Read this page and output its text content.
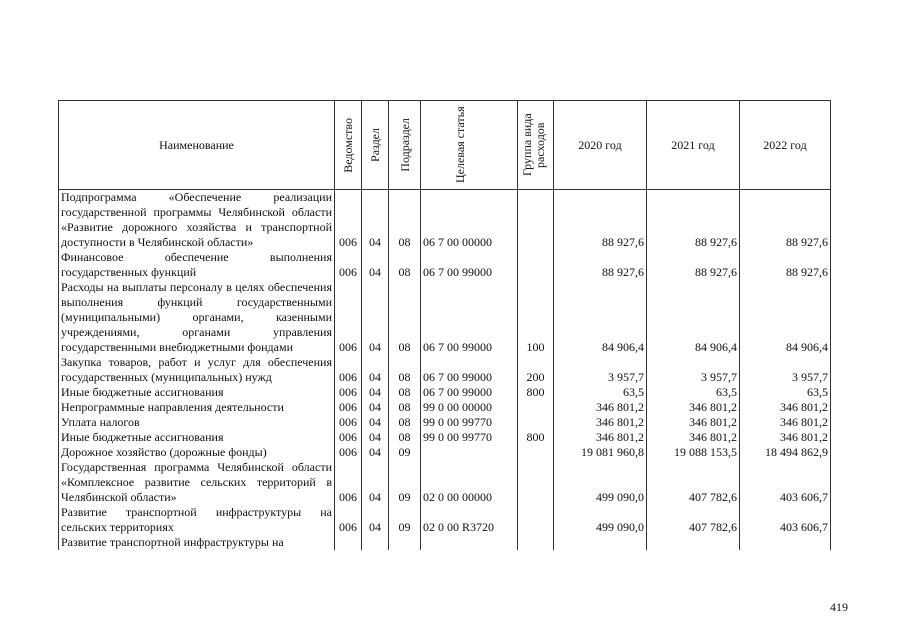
Наименование	Ведомство	Раздел	Подраздел	Целевая статья	Группа вида расходов	2020 год	2021 год	2022 год
Подпрограмма «Обеспечение реализации государственной программы Челябинской области «Развитие дорожного хозяйства и транспортной доступности в Челябинской области»	006	04	08	06 7 00 00000		88 927,6	88 927,6	88 927,6
Финансовое обеспечение выполнения государственных функций	006	04	08	06 7 00 99000		88 927,6	88 927,6	88 927,6
Расходы на выплаты персоналу в целях обеспечения выполнения функций государственными (муниципальными) органами, казенными учреждениями, органами управления государственными внебюджетными фондами	006	04	08	06 7 00 99000	100	84 906,4	84 906,4	84 906,4
Закупка товаров, работ и услуг для обеспечения государственных (муниципальных) нужд	006	04	08	06 7 00 99000	200	3 957,7	3 957,7	3 957,7
Иные бюджетные ассигнования	006	04	08	06 7 00 99000	800	63,5	63,5	63,5
Непрограммные направления деятельности	006	04	08	99 0 00 00000		346 801,2	346 801,2	346 801,2
Уплата налогов	006	04	08	99 0 00 99770		346 801,2	346 801,2	346 801,2
Иные бюджетные ассигнования	006	04	08	99 0 00 99770	800	346 801,2	346 801,2	346 801,2
Дорожное хозяйство (дорожные фонды)	006	04	09			19 081 960,8	19 088 153,5	18 494 862,9
Государственная программа Челябинской области «Комплексное развитие сельских территорий в Челябинской области»	006	04	09	02 0 00 00000		499 090,0	407 782,6	403 606,7
Развитие транспортной инфраструктуры на сельских территориях	006	04	09	02 0 00 R3720		499 090,0	407 782,6	403 606,7
Развитие транспортной инфраструктуры на								
419
